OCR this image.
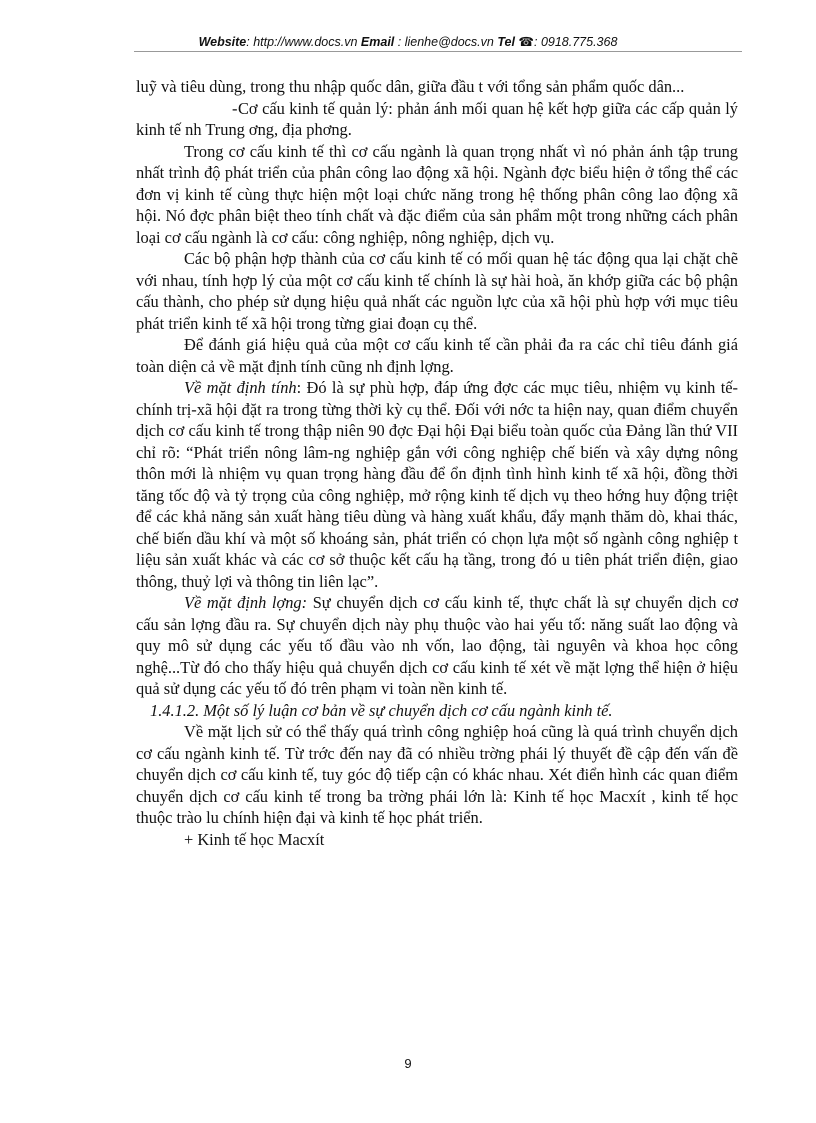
Website: http://www.docs.vn Email : lienhe@docs.vn Tel ☎: 0918.775.368

luỹ và tiêu dùng, trong thu nhập quốc dân, giữa đầu t với tổng sản phẩm quốc dân...

-Cơ cấu kinh tế quản lý: phản ánh mối quan hệ kết hợp giữa các cấp quản lý kinh tế nh Trung ơng, địa phơng.

Trong cơ cấu kinh tế thì cơ cấu ngành là quan trọng nhất vì nó phản ánh tập trung nhất trình độ phát triển của phân công lao động xã hội. Ngành đợc biểu hiện ở tổng thể các đơn vị kinh tế cùng thực hiện một loại chức năng trong hệ thống phân công lao động xã hội. Nó đợc phân biệt theo tính chất và đặc điểm của sản phẩm một trong những cách phân loại cơ cấu ngành là cơ cấu: công nghiệp, nông nghiệp, dịch vụ.

Các bộ phận hợp thành của cơ cấu kinh tế có mối quan hệ tác động qua lại chặt chẽ với nhau, tính hợp lý của một cơ cấu kinh tế chính là sự hài hoà, ăn khớp giữa các bộ phận cấu thành, cho phép sử dụng hiệu quả nhất các nguồn lực của xã hội phù hợp với mục tiêu phát triển kinh tế xã hội trong từng giai đoạn cụ thể.

Để đánh giá hiệu quả của một cơ cấu kinh tế cần phải đa ra các chỉ tiêu đánh giá toàn diện cả về mặt định tính cũng nh định lợng.

Về mặt định tính: Đó là sự phù hợp, đáp ứng đợc các mục tiêu, nhiệm vụ kinh tế-chính trị-xã hội đặt ra trong từng thời kỳ cụ thể. Đối với nớc ta hiện nay, quan điểm chuyển dịch cơ cấu kinh tế trong thập niên 90 đợc Đại hội Đại biểu toàn quốc của Đảng lần thứ VII chỉ rõ: “Phát triển nông lâm-ng nghiệp gắn với công nghiệp chế biến và xây dựng nông thôn mới là nhiệm vụ quan trọng hàng đầu để ổn định tình hình kinh tế xã hội, đồng thời tăng tốc độ và tỷ trọng của công nghiệp, mở rộng kinh tế dịch vụ theo hớng huy động triệt để các khả năng sản xuất hàng tiêu dùng và hàng xuất khẩu, đẩy mạnh thăm dò, khai thác, chế biến dầu khí và một số khoáng sản, phát triển có chọn lựa một số ngành công nghiệp t liệu sản xuất khác và các cơ sở thuộc kết cấu hạ tầng, trong đó u tiên phát triển điện, giao thông, thuỷ lợi và thông tin liên lạc”.

Về mặt định lợng: Sự chuyển dịch cơ cấu kinh tế, thực chất là sự chuyển dịch cơ cấu sản lợng đầu ra. Sự chuyển dịch này phụ thuộc vào hai yếu tố: năng suất lao động và quy mô sử dụng các yếu tố đầu vào nh vốn, lao động, tài nguyên và khoa học công nghệ...Từ đó cho thấy hiệu quả chuyển dịch cơ cấu kinh tế xét về mặt lợng thể hiện ở hiệu quả sử dụng các yếu tố đó trên phạm vi toàn nền kinh tế.

1.4.1.2. Một số lý luận cơ bản về sự chuyển dịch cơ cấu ngành kinh tế.

Về mặt lịch sử có thể thấy quá trình công nghiệp hoá cũng là quá trình chuyển dịch cơ cấu ngành kinh tế. Từ trớc đến nay đã có nhiều trờng phái lý thuyết đề cập đến vấn đề chuyển dịch cơ cấu kinh tế, tuy góc độ tiếp cận có khác nhau. Xét điển hình các quan điểm chuyển dịch cơ cấu kinh tế trong ba trờng phái lớn là: Kinh tế học Macxít , kinh tế học thuộc trào lu chính hiện đại và kinh tế học phát triển.

+ Kinh tế học Macxít

9
